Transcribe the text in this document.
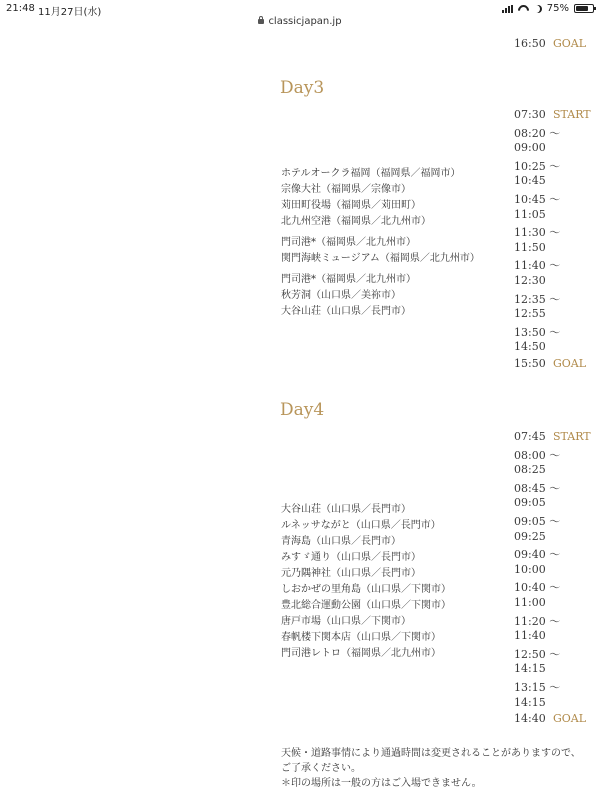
21:48 11月27日(水)	75%
classicjapan.jp
16:50 GOAL
Day3
07:30 START
08:20 〜
09:00
10:25 〜
10:45
10:45 〜
11:05
11:30 〜
11:50
11:40 〜
12:30
12:35 〜
12:55
13:50 〜
14:50
15:50 GOAL
ホテルオークラ福岡（福岡県／福岡市）
宗像大社（福岡県／宗像市）
苅田町役場（福岡県／苅田町）
北九州空港（福岡県／北九州市）
門司港*（福岡県／北九州市）
関門海峡ミュージアム（福岡県／北九州市）
門司港*（福岡県／北九州市）
秋芳洞（山口県／美祢市）
大谷山荘（山口県／長門市）
Day4
07:45 START
08:00 〜
08:25
08:45 〜
09:05
09:05 〜
09:25
09:40 〜
10:00
10:40 〜
11:00
11:20 〜
11:40
12:50 〜
14:15
13:15 〜
14:15
14:40 GOAL
大谷山荘（山口県／長門市）
ルネッサながと（山口県／長門市）
青海島（山口県／長門市）
みすゞ通り（山口県／長門市）
元乃隅神社（山口県／長門市）
しおかぜの里角島（山口県／下関市）
豊北総合運動公園（山口県／下関市）
唐戸市場（山口県／下関市）
春帆楼下関本店（山口県／下関市）
門司港レトロ（福岡県／北九州市）
天候・道路事情により通過時間は変更されることがありますので、
ご了承ください。
＊印の場所は一般の方はご入場できません。
